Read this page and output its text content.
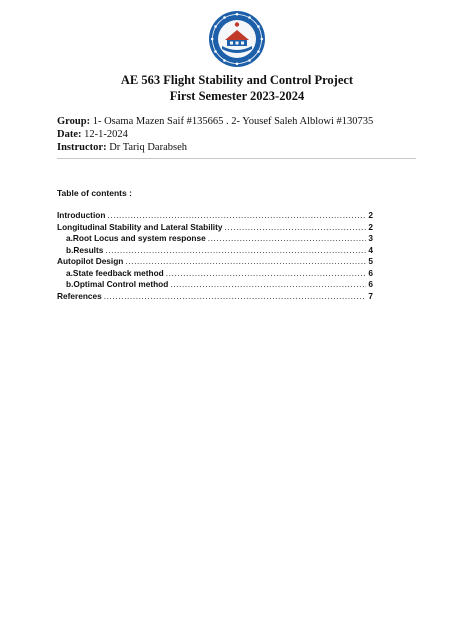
AE 563 Flight Stability and Control Project
First Semester 2023-2024
Group: 1- Osama Mazen Saif #135665 . 2- Yousef Saleh Alblowi #130735
Date: 12-1-2024
Instructor: Dr Tariq Darabseh
Table of contents :
Introduction .....	2
Longitudinal Stability and Lateral Stability .....	2
a.Root Locus and system response .....	3
b.Results .....	4
Autopilot Design .....	5
a.State feedback method .....	6
b.Optimal Control method .....	6
References .....	7
